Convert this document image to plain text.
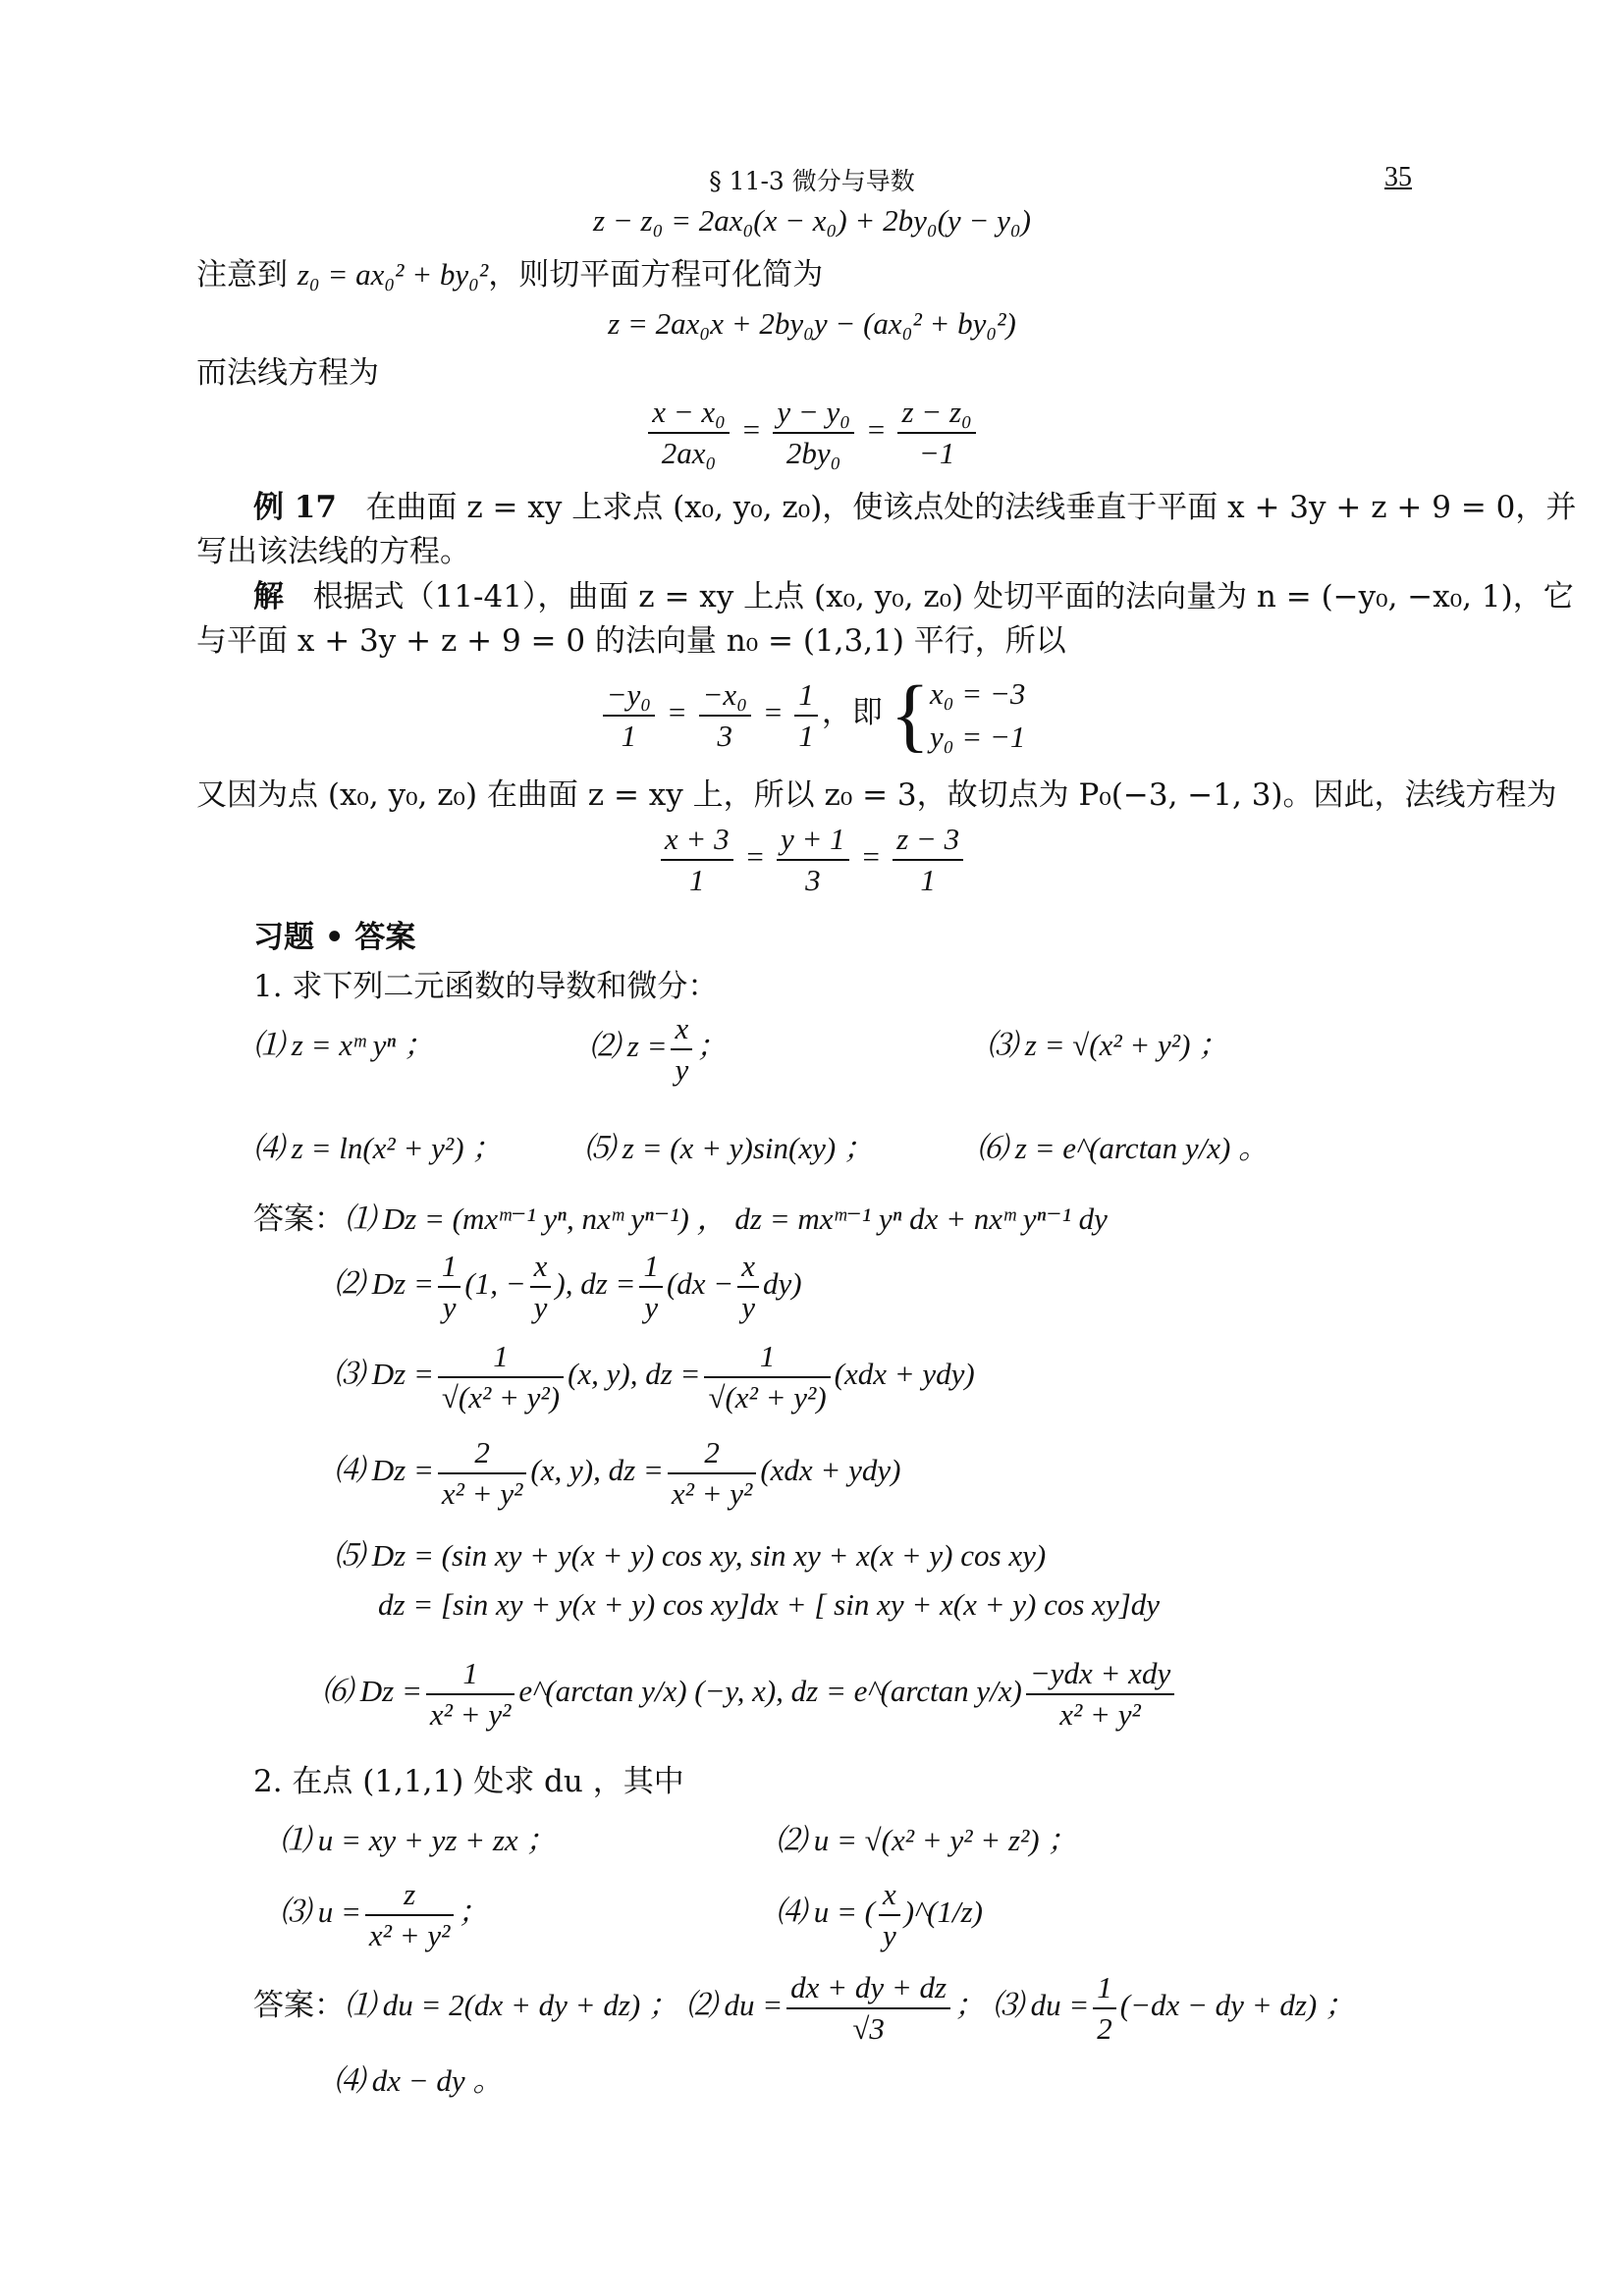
§ 11-3 微分与导数	35
z − z₀ = 2ax₀(x − x₀) + 2by₀(y − y₀)
注意到 z₀ = ax₀² + by₀²，则切平面方程可化简为
z = 2ax₀x + 2by₀y − (ax₀² + by₀²)
而法线方程为
$\frac{\text{x − x₀}}{\text{2ax₀}} = \frac{\text{y − y₀}}{\text{2by₀}} = \frac{\text{z − z₀}}{-1}$
例 17 在曲面 z = xy 上求点 (x₀, y₀, z₀)，使该点处的法线垂直于平面 x + 3y + z + 9 = 0，并
写出该法线的方程。
解 根据式（11-41），曲面 z = xy 上点 (x₀, y₀, z₀) 处切平面的法向量为 n = (−y₀, −x₀, 1)，它
与平面 x + 3y + z + 9 = 0 的法向量 n₀ = (1,3,1) 平行，所以
$\frac{\text{−y₀}}{1} = \frac{\text{−x₀}}{3} = \frac{1}{1}$ ，即 { x₀ = −3
y₀ = −1
又因为点 (x₀, y₀, z₀) 在曲面 z = xy 上，所以 z₀ = 3，故切点为 P₀(−3, −1, 3)。因此，法线方程为
$\frac{x + 3}{1} = \frac{y + 1}{3} = \frac{z - 3}{1}$
习题 • 答案
1. 求下列二元函数的导数和微分：
⑴ z = xᵐ yⁿ ；	⑵ $z = \frac{x}{y}$ ；	⑶ z = √(x² + y²) ；
⑷ z = ln(x² + y²) ；	⑸ z = (x + y)sin(xy) ；	⑹ z = e^(arctan y/x) 。
答案：⑴ Dz = (mxᵐ⁻¹ yⁿ, nxᵐ yⁿ⁻¹) ， dz = mxᵐ⁻¹ yⁿ dx + nxᵐ yⁿ⁻¹ dy
⑵ $Dz = \frac{1}{y} (1$, − $\frac{x}{y}$ ), dz = $\frac{1}{y} (dx - \frac{x}{y} dy)$
⑶ $Dz = \frac{1}{\text{√(x² + y²)}} (x$, y), dz = $\frac{1}{\text{√(x² + y²)}} (xdx + ydy)$
⑷ $Dz = \frac{2}{\text{x² + y²}} (x$, y), dz = $\frac{2}{\text{x² + y²}} (xdx + ydy)$
⑸ Dz = (sin xy + y(x + y) cos xy, sin xy + x(x + y) cos xy)
dz = [sin xy + y(x + y) cos xy]dx + [ sin xy + x(x + y) cos xy]dy
⑹ $Dz = \frac{1}{\text{x² + y²}}$ e^(arctan y/x) (−y, x), dz = e^(arctan $y/x) \frac{\text{−ydx + xdy}}{\text{x² + y²}}$
2. 在点 (1,1,1) 处求 du ，其中
⑴ u = xy + yz + zx ；	⑵ u = √(x² + y² + z²) ；
⑶ $u = \frac{z}{\text{x² + y²}}$ ；	⑷ u = ( $\frac{x}{y}$ )^(1/z)
答案：⑴ du = 2(dx + dy + dz) ； ⑵ du = $\frac{dx + dy + dz}{√3}$ ； ⑶ du = $\frac{1}{2} (-dx$ − dy + dz) ；
⑷ dx − dy 。
